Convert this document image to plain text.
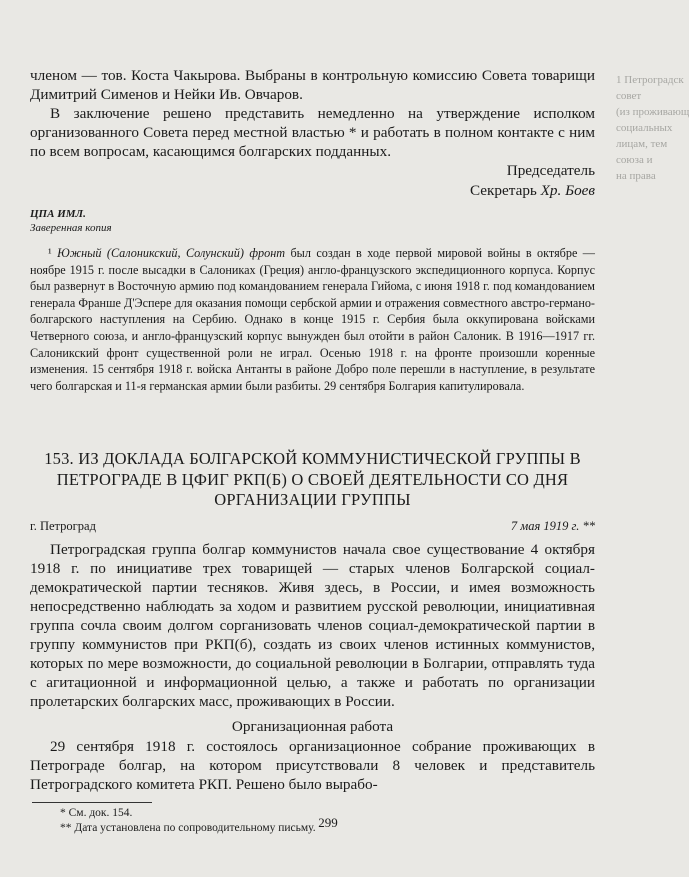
1 Петроградск
совет
(из проживающ
социальных
лицам, тем
союза и
на права

членом — тов. Коста Чакырова. Выбраны в контрольную комиссию Совета товарищи Димитрий Сименов и Нейки Ив. Овчаров.

В заключение решено представить немедленно на утверждение исполком организованного Совета перед местной властью * и работать в полном контакте с ним по всем вопросам, касающимся болгарских подданных.

Председатель
Секретарь Хр. Боев
ЦПА ИМЛ.
Заверенная копия

¹ Южный (Салоникский, Солунский) фронт был создан в ходе первой мировой войны в октябре — ноябре 1915 г. после высадки в Салониках (Греция) англо-французского экспедиционного корпуса. Корпус был развернут в Восточную армию под командованием генерала Гийома, с июня 1918 г. под командованием генерала Франше Д'Эспере для оказания помощи сербской армии и отражения совместного австро-германо-болгарского наступления на Сербию. Однако в конце 1915 г. Сербия была оккупирована войсками Четверного союза, и англо-французский корпус вынужден был отойти в район Салоник. В 1916—1917 гг. Салоникский фронт существенной роли не играл. Осенью 1918 г. на фронте произошли коренные изменения. 15 сентября 1918 г. войска Антанты в районе Добро поле перешли в наступление, в результате чего болгарская и 11-я германская армии были разбиты. 29 сентября Болгария капитулировала.

153. ИЗ ДОКЛАДА БОЛГАРСКОЙ КОММУНИСТИЧЕСКОЙ ГРУППЫ В ПЕТРОГРАДЕ В ЦФИГ РКП(Б) О СВОЕЙ ДЕЯТЕЛЬНОСТИ СО ДНЯ ОРГАНИЗАЦИИ ГРУППЫ
г. Петроград	7 мая 1919 г. **

Петроградская группа болгар коммунистов начала свое существование 4 октября 1918 г. по инициативе трех товарищей — старых членов Болгарской социал-демократической партии тесняков. Живя здесь, в России, и имея возможность непосредственно наблюдать за ходом и развитием русской революции, инициативная группа сочла своим долгом сорганизовать членов социал-демократической партии в группу коммунистов при РКП(б), создать из своих членов истинных коммунистов, которых по мере возможности, до социальной революции в Болгарии, отправлять туда с агитационной и информационной целью, а также и работать по организации пролетарских болгарских масс, проживающих в России.

Организационная работа

29 сентября 1918 г. состоялось организационное собрание проживающих в Петрограде болгар, на котором присутствовали 8 человек и представитель Петроградского комитета РКП. Решено было вырабо-

* См. док. 154.
** Дата установлена по сопроводительному письму. 299
